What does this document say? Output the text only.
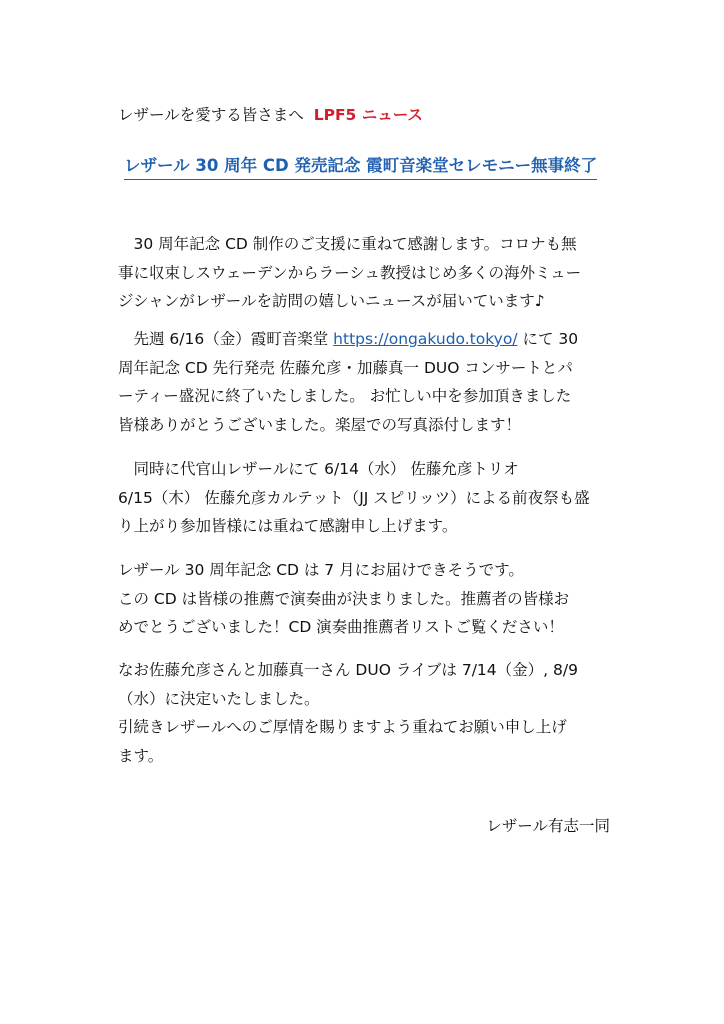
レザールを愛する皆さまへ LPF5 ニュース
レザール 30 周年 CD 発売記念 霞町音楽堂セレモニー無事終了

　30 周年記念 CD 制作のご支援に重ねて感謝します。コロナも無
事に収束しスウェーデンからラーシュ教授はじめ多くの海外ミュー
ジシャンがレザールを訪問の嬉しいニュースが届いています♪

　先週 6/16（金）霞町音楽堂 https://ongakudo.tokyo/ にて 30
周年記念 CD 先行発売 佐藤允彦・加藤真一 DUO コンサートとパ
ーティー盛況に終了いたしました。 お忙しい中を参加頂きました
皆様ありがとうございました。楽屋での写真添付します！

　同時に代官山レザールにて 6/14（水） 佐藤允彦トリオ
6/15（木） 佐藤允彦カルテット（JJ スピリッツ）による前夜祭も盛
り上がり参加皆様には重ねて感謝申し上げます。

レザール 30 周年記念 CD は 7 月にお届けできそうです。
この CD は皆様の推薦で演奏曲が決まりました。推薦者の皆様お
めでとうございました！CD 演奏曲推薦者リストご覧ください！

なお佐藤允彦さんと加藤真一さん DUO ライブは 7/14（金）, 8/9
（水）に決定いたしました。
引続きレザールへのご厚情を賜りますよう重ねてお願い申し上げ
ます。

レザール有志一同
